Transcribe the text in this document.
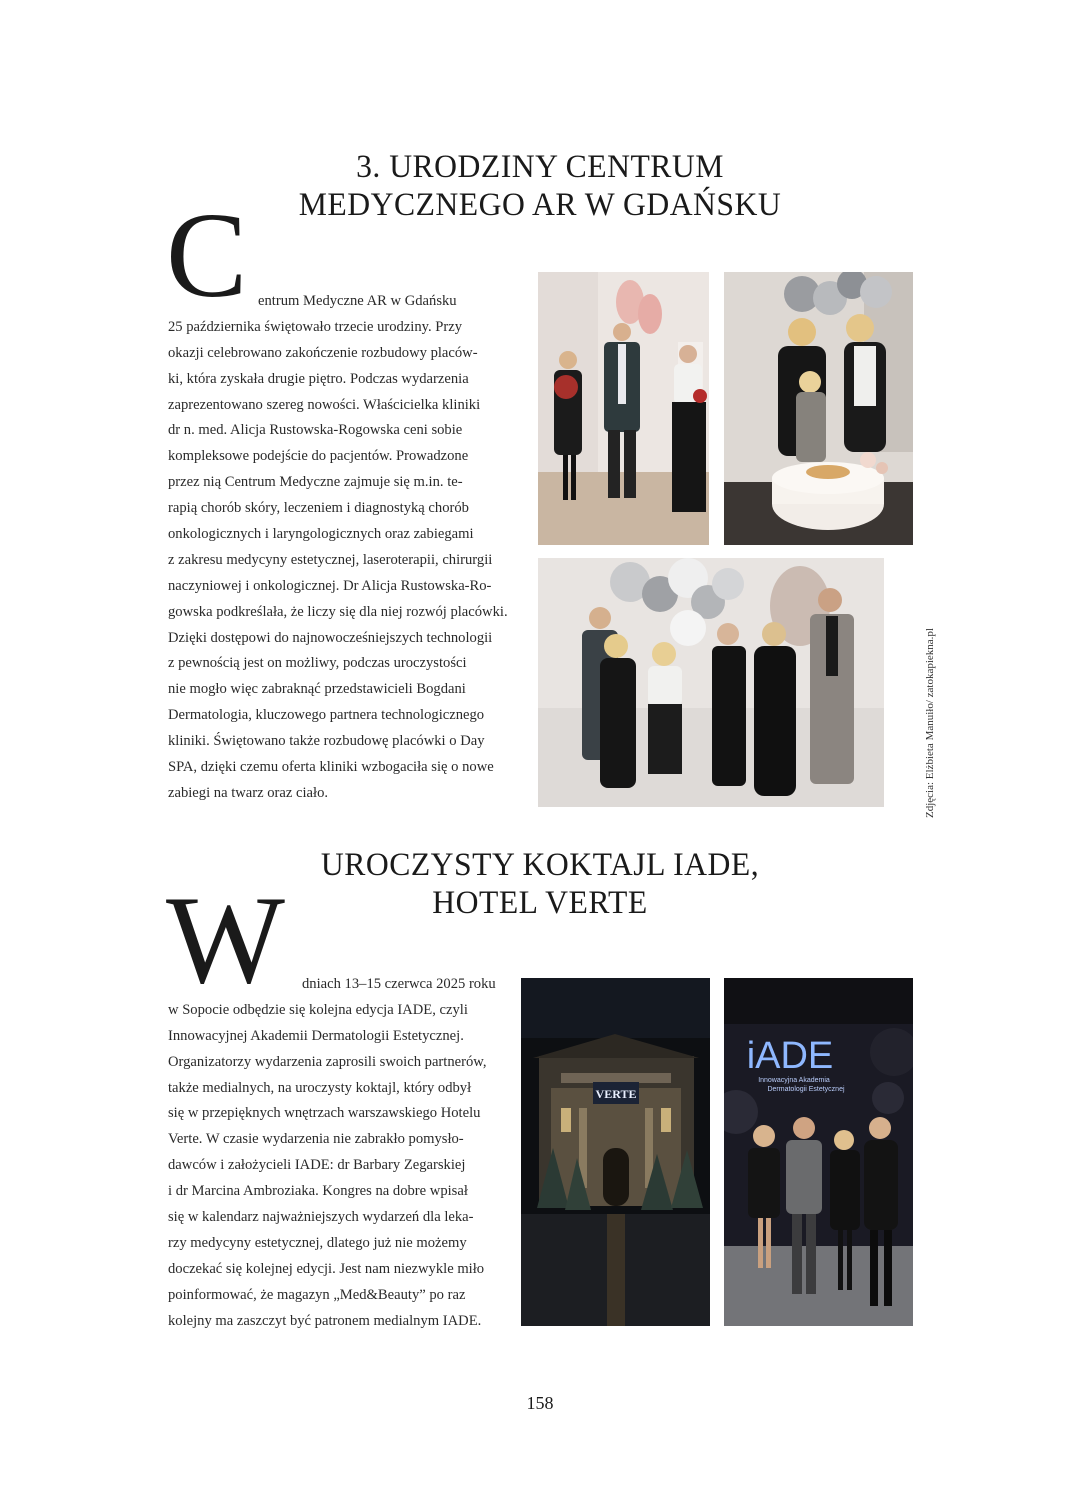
3. URODZINY CENTRUM
MEDYCZNEGO AR W GDAŃSKU
C entrum Medyczne AR w Gdańsku
25 października świętowało trzecie urodziny. Przy
okazji celebrowano zakończenie rozbudowy placów-
ki, która zyskała drugie piętro. Podczas wydarzenia
zaprezentowano szereg nowości. Właścicielka kliniki
dr n. med. Alicja Rustowska-Rogowska ceni sobie
kompleksowe podejście do pacjentów. Prowadzone
przez nią Centrum Medyczne zajmuje się m.in. te-
rapią chorób skóry, leczeniem i diagnostyką chorób
onkologicznych i laryngologicznych oraz zabiegami
z zakresu medycyny estetycznej, laseroterapii, chirurgii
naczyniowej i onkologicznej. Dr Alicja Rustowska-Ro-
gowska podkreślała, że liczy się dla niej rozwój placówki.
Dzięki dostępowi do najnowocześniejszych technologii
z pewnością jest on możliwy, podczas uroczystości
nie mogło więc zabraknąć przedstawicieli Bogdani
Dermatologia, kluczowego partnera technologicznego
kliniki. Świętowano także rozbudowę placówki o Day
SPA, dzięki czemu oferta kliniki wzbogaciła się o nowe
zabiegi na twarz oraz ciało.	Zdjęcia: Elżbieta Manuiło/ zatokapiekna.pl
UROCZYSTY KOKTAJL IADE,
HOTEL VERTE
W	dniach 13–15 czerwca 2025 roku
w Sopocie odbędzie się kolejna edycja IADE, czyli
Innowacyjnej Akademii Dermatologii Estetycznej.
Organizatorzy wydarzenia zaprosili swoich partnerów,
także medialnych, na uroczysty koktajl, który odbył
się w przepięknych wnętrzach warszawskiego Hotelu
Verte. W czasie wydarzenia nie zabrakło pomysło-
dawców i założycieli IADE: dr Barbary Zegarskiej
i dr Marcina Ambroziaka. Kongres na dobre wpisał
się w kalendarz najważniejszych wydarzeń dla leka-
rzy medycyny estetycznej, dlatego już nie możemy
doczekać się kolejnej edycji. Jest nam niezwykle miło
poinformować, że magazyn „Med&Beauty” po raz
kolejny ma zaszczyt być patronem medialnym IADE.
VERTE
iADE
Innowacyjna Akademia
Dermatologii Estetycznej
158
